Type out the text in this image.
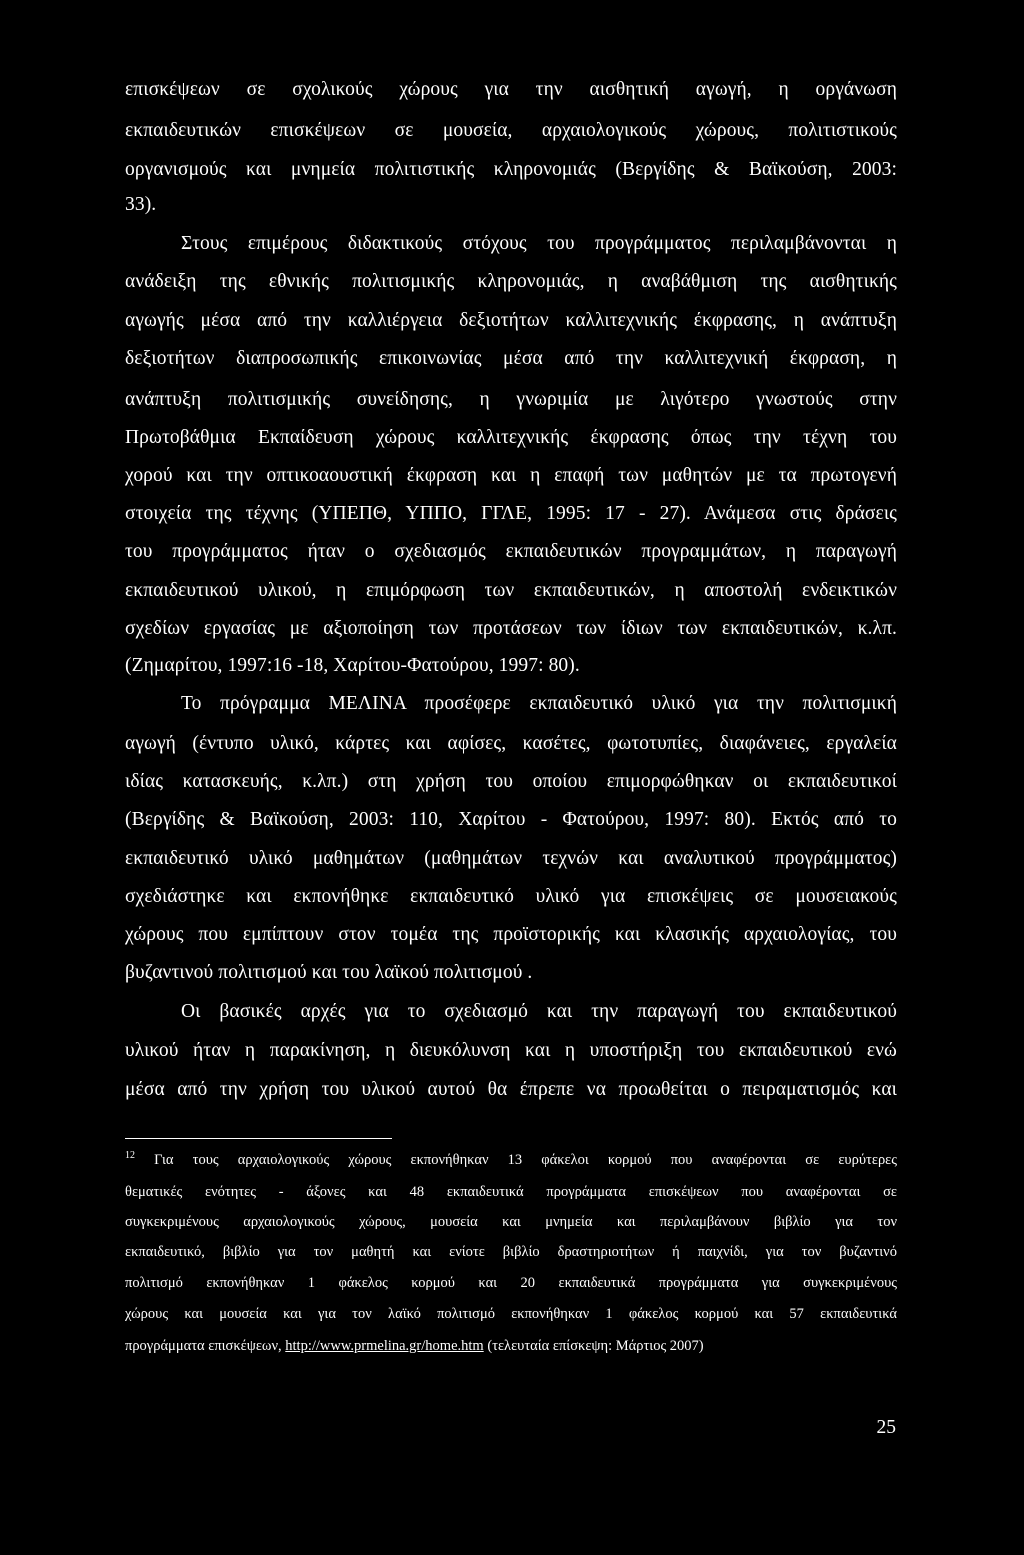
επισκέψεων σε σχολικούς χώρους για την αισθητική αγωγή, η οργάνωση
εκπαιδευτικών επισκέψεων σε μουσεία, αρχαιολογικούς χώρους, πολιτιστικούς
οργανισμούς και μνημεία πολιτιστικής κληρονομιάς (Βεργίδης & Βαϊκούση, 2003:
33).
Στους επιμέρους διδακτικούς στόχους του προγράμματος περιλαμβάνονται η
ανάδειξη της εθνικής πολιτισμικής κληρονομιάς, η αναβάθμιση της αισθητικής
αγωγής μέσα από την καλλιέργεια δεξιοτήτων καλλιτεχνικής έκφρασης, η ανάπτυξη
δεξιοτήτων διαπροσωπικής επικοινωνίας μέσα από την καλλιτεχνική έκφραση, η
ανάπτυξη πολιτισμικής συνείδησης, η γνωριμία με λιγότερο γνωστούς στην
Πρωτοβάθμια Εκπαίδευση χώρους καλλιτεχνικής έκφρασης όπως την τέχνη του
χορού και την οπτικοαουστική έκφραση και η επαφή των μαθητών με τα πρωτογενή
στοιχεία της τέχνης (ΥΠΕΠΘ, ΥΠΠΟ, ΓΓΛΕ, 1995: 17 - 27). Ανάμεσα στις δράσεις
του προγράμματος ήταν ο σχεδιασμός εκπαιδευτικών προγραμμάτων, η παραγωγή
εκπαιδευτικού υλικού, η επιμόρφωση των εκπαιδευτικών, η αποστολή ενδεικτικών
σχεδίων εργασίας με αξιοποίηση των προτάσεων των ίδιων των εκπαιδευτικών, κ.λπ.
(Ζημαρίτου, 1997:16 -18, Χαρίτου-Φατούρου, 1997: 80).
Το πρόγραμμα ΜΕΛΙΝΑ προσέφερε εκπαιδευτικό υλικό για την πολιτισμική
αγωγή (έντυπο υλικό, κάρτες και αφίσες, κασέτες, φωτοτυπίες, διαφάνειες, εργαλεία
ιδίας κατασκευής, κ.λπ.) στη χρήση του οποίου επιμορφώθηκαν οι εκπαιδευτικοί
(Βεργίδης & Βαϊκούση, 2003: 110, Χαρίτου - Φατούρου, 1997: 80). Εκτός από το
εκπαιδευτικό υλικό μαθημάτων (μαθημάτων τεχνών και αναλυτικού προγράμματος)
σχεδιάστηκε και εκπονήθηκε εκπαιδευτικό υλικό για επισκέψεις σε μουσειακούς
χώρους που εμπίπτουν στον τομέα της προϊστορικής και κλασικής αρχαιολογίας, του
βυζαντινού πολιτισμού και του λαϊκού πολιτισμού .
Οι βασικές αρχές για το σχεδιασμό και την παραγωγή του εκπαιδευτικού
υλικού ήταν η παρακίνηση, η διευκόλυνση και η υποστήριξη του εκπαιδευτικού ενώ
μέσα από την χρήση του υλικού αυτού θα έπρεπε να προωθείται ο πειραματισμός και
$^{12}$ Για τους αρχαιολογικούς χώρους εκπονήθηκαν 13 φάκελοι κορμού που αναφέρονται σε ευρύτερες
θεματικές ενότητες - άξονες και 48 εκπαιδευτικά προγράμματα επισκέψεων που αναφέρονται σε
συγκεκριμένους αρχαιολογικούς χώρους, μουσεία και μνημεία και περιλαμβάνουν βιβλίο για τον
εκπαιδευτικό, βιβλίο για τον μαθητή και ενίοτε βιβλίο δραστηριοτήτων ή παιχνίδι, για τον βυζαντινό
πολιτισμό εκπονήθηκαν 1 φάκελος κορμού και 20 εκπαιδευτικά προγράμματα για συγκεκριμένους
χώρους και μουσεία και για τον λαϊκό πολιτισμό εκπονήθηκαν 1 φάκελος κορμού και 57 εκπαιδευτικά
προγράμματα επισκέψεων, http://www.prmelina.gr/home.htm (τελευταία επίσκεψη: Μάρτιος 2007)
25
